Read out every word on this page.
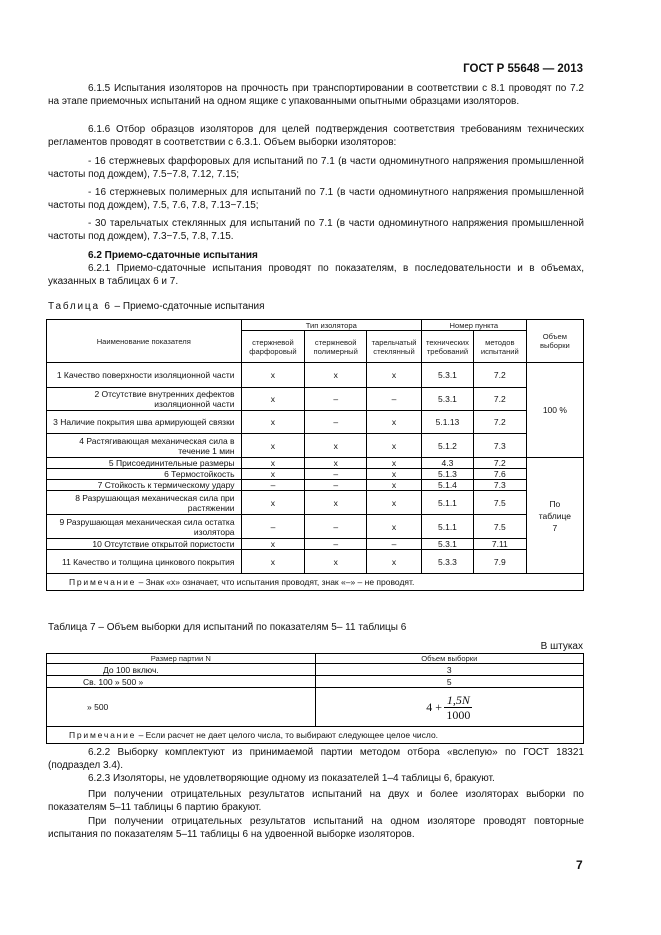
ГОСТ Р 55648 — 2013
6.1.5 Испытания изоляторов на прочность при транспортировании в соответствии с 8.1 проводят по 7.2 на этапе приемочных испытаний на одном ящике с упакованными опытными образцами изоляторов.
6.1.6 Отбор образцов изоляторов для целей подтверждения соответствия требованиям технических регламентов проводят в соответствии с 6.3.1. Объем выборки изоляторов:
- 16 стержневых фарфоровых для испытаний по 7.1 (в части одноминутного напряжения промышленной частоты под дождем), 7.5−7.8, 7.12, 7.15;
- 16 стержневых полимерных для испытаний по 7.1 (в части одноминутного напряжения промышленной частоты под дождем), 7.5, 7.6, 7.8, 7.13−7.15;
- 30 тарельчатых стеклянных для испытаний по 7.1 (в части одноминутного напряжения промышленной частоты под дождем), 7.3−7.5, 7.8, 7.15.
6.2 Приемо-сдаточные испытания
6.2.1 Приемо-сдаточные испытания проводят по показателям, в последовательности и в объемах, указанных в таблицах 6 и 7.
Таблица 6 – Приемо-сдаточные испытания
Наименование показателя	Тип изолятора			Номер пункта		Объем выборки
	стержневой фарфоровый	стержневой полимерный	тарельчатый стеклянный	технических требований	методов испытаний	
1 Качество поверхности изоляционной части	х	х	х	5.3.1	7.2	100 %
2 Отсутствие внутренних дефектов изоляционной части	х	–	–	5.3.1	7.2	
3 Наличие покрытия шва армирующей связки	х	–	х	5.1.13	7.2	
4 Растягивающая механическая сила в течение 1 мин	х	х	х	5.1.2	7.3	
5 Присоединительные размеры	х	х	х	4.3	7.2	По таблице 7
6 Термостойкость	х	–	х	5.1.3	7.6	
7 Стойкость к термическому удару	–	–	х	5.1.4	7.3	
8 Разрушающая механическая сила при растяжении	х	х	х	5.1.1	7.5	
9 Разрушающая механическая сила остатка изолятора	–	–	х	5.1.1	7.5	
10 Отсутствие открытой пористости	х	–	–	5.3.1	7.11	
11 Качество и толщина цинкового покрытия	х	х	х	5.3.3	7.9	
Примечание – Знак «х» означает, что испытания проводят, знак «–» – не проводят.						
Таблица 7 – Объем выборки для испытаний по показателям 5– 11 таблицы 6
В штуках
Размер партии N	Объем выборки
До 100 включ.	3
Св. 100 » 500 »	5
» 500	$4 + \frac{1,5N}{1000}$

Примечание – Если расчет не дает целого числа, то выбирают следующее целое число.	
6.2.2 Выборку комплектуют из принимаемой партии методом отбора «вслепую» по ГОСТ 18321 (подраздел 3.4).
6.2.3 Изоляторы, не удовлетворяющие одному из показателей 1–4 таблицы 6, бракуют.
При получении отрицательных результатов испытаний на двух и более изоляторах выборки по показателям 5–11 таблицы 6 партию бракуют.
При получении отрицательных результатов испытаний на одном изоляторе проводят повторные испытания по показателям 5–11 таблицы 6 на удвоенной выборке изоляторов.
7
